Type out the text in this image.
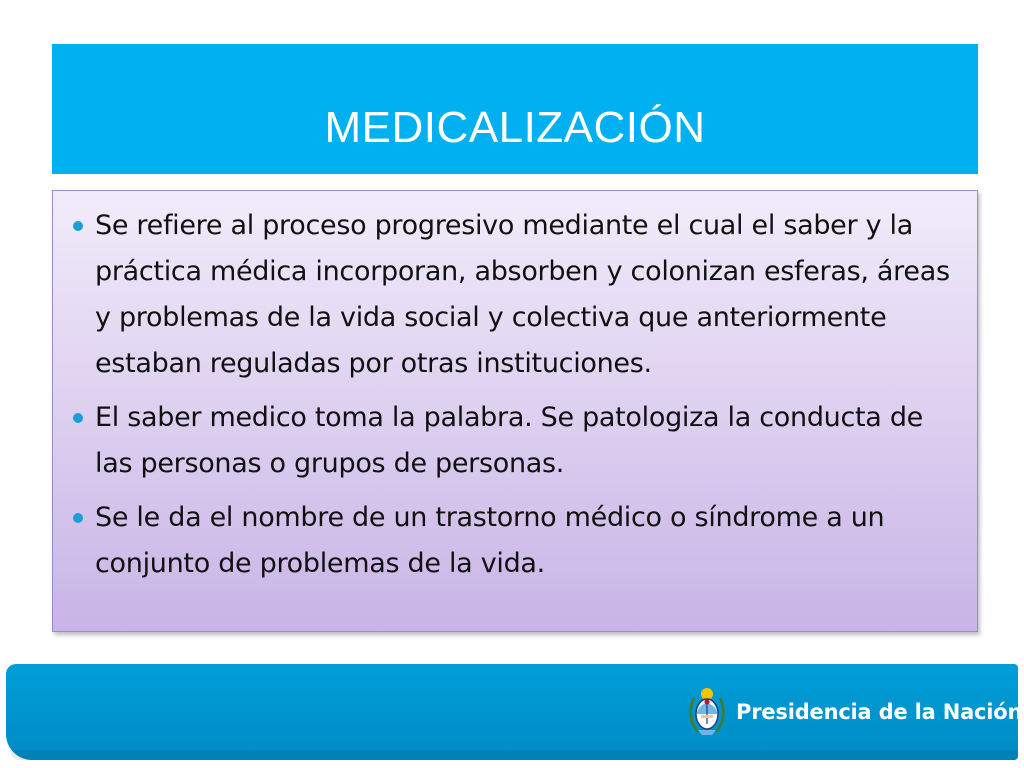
MEDICALIZACIÓN
Se refiere al proceso progresivo mediante el cual el saber y la práctica médica incorporan, absorben y colonizan esferas, áreas y problemas de la vida social y colectiva que anteriormente estaban reguladas por otras instituciones.
El saber medico toma la palabra. Se patologiza la conducta de las personas o grupos de personas.
Se le da el nombre de un trastorno médico o síndrome a un conjunto de problemas de la vida.
Presidencia de la Nación
